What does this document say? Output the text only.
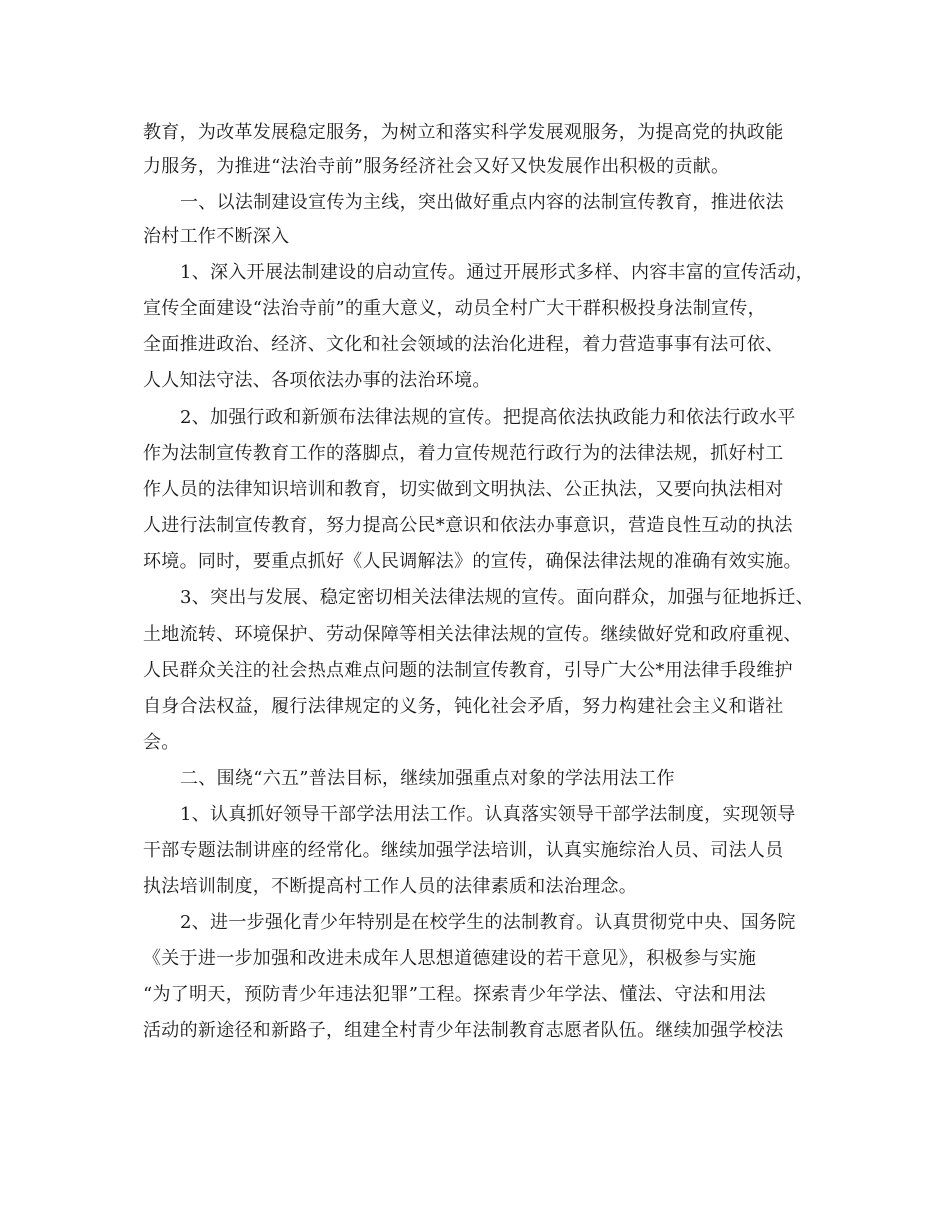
教育，为改革发展稳定服务，为树立和落实科学发展观服务，为提高党的执政能
力服务，为推进“法治寺前”服务经济社会又好又快发展作出积极的贡献。
一、以法制建设宣传为主线，突出做好重点内容的法制宣传教育，推进依法
治村工作不断深入
1、深入开展法制建设的启动宣传。通过开展形式多样、内容丰富的宣传活动，
宣传全面建设“法治寺前”的重大意义，动员全村广大干群积极投身法制宣传，
全面推进政治、经济、文化和社会领域的法治化进程，着力营造事事有法可依、
人人知法守法、各项依法办事的法治环境。
2、加强行政和新颁布法律法规的宣传。把提高依法执政能力和依法行政水平
作为法制宣传教育工作的落脚点，着力宣传规范行政行为的法律法规，抓好村工
作人员的法律知识培训和教育，切实做到文明执法、公正执法，又要向执法相对
人进行法制宣传教育，努力提高公民*意识和依法办事意识，营造良性互动的执法
环境。同时，要重点抓好《人民调解法》的宣传，确保法律法规的准确有效实施。
3、突出与发展、稳定密切相关法律法规的宣传。面向群众，加强与征地拆迁、
土地流转、环境保护、劳动保障等相关法律法规的宣传。继续做好党和政府重视、
人民群众关注的社会热点难点问题的法制宣传教育，引导广大公*用法律手段维护
自身合法权益，履行法律规定的义务，钝化社会矛盾，努力构建社会主义和谐社
会。
二、围绕“六五”普法目标，继续加强重点对象的学法用法工作
1、认真抓好领导干部学法用法工作。认真落实领导干部学法制度，实现领导
干部专题法制讲座的经常化。继续加强学法培训，认真实施综治人员、司法人员
执法培训制度，不断提高村工作人员的法律素质和法治理念。
2、进一步强化青少年特别是在校学生的法制教育。认真贯彻党中央、国务院
《关于进一步加强和改进未成年人思想道德建设的若干意见》，积极参与实施
“为了明天，预防青少年违法犯罪”工程。探索青少年学法、懂法、守法和用法
活动的新途径和新路子，组建全村青少年法制教育志愿者队伍。继续加强学校法
